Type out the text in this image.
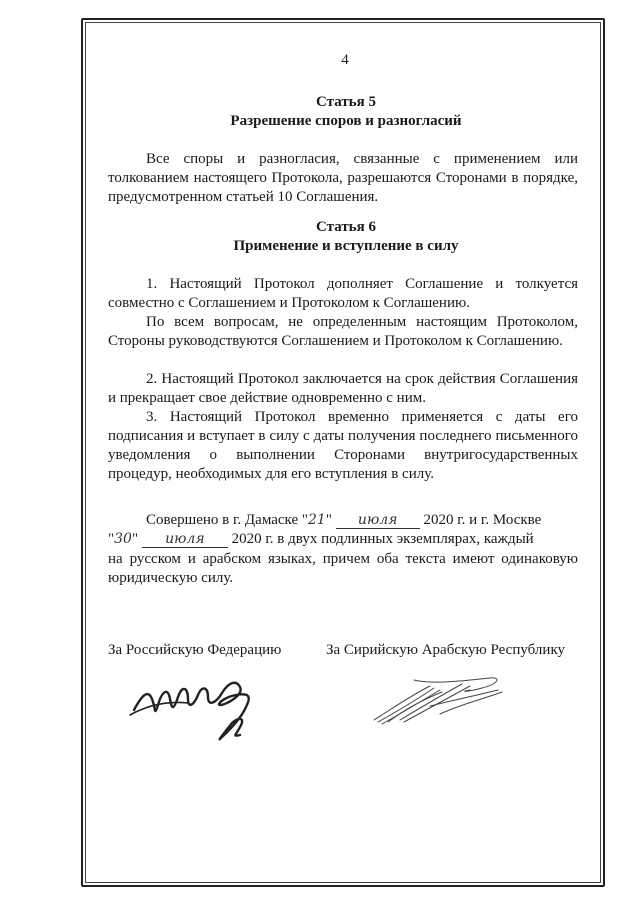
4
Статья 5
Разрешение споров и разногласий
Все споры и разногласия, связанные с применением или толкованием настоящего Протокола, разрешаются Сторонами в порядке, предусмотренном статьей 10 Соглашения.
Статья 6
Применение и вступление в силу
1. Настоящий Протокол дополняет Соглашение и толкуется совместно с Соглашением и Протоколом к Соглашению.
По всем вопросам, не определенным настоящим Протоколом, Стороны руководствуются Соглашением и Протоколом к Соглашению.
2. Настоящий Протокол заключается на срок действия Соглашения и прекращает свое действие одновременно с ним.
3. Настоящий Протокол временно применяется с даты его подписания и вступает в силу с даты получения последнего письменного уведомления о выполнении Сторонами внутригосударственных процедур, необходимых для его вступления в силу.
Совершено в г. Дамаске "21" июля 2020 г. и г. Москве
"30" июля 2020 г. в двух подлинных экземплярах, каждый
на русском и арабском языках, причем оба текста имеют одинаковую юридическую силу.
За Российскую Федерацию	За Сирийскую Арабскую Республику
